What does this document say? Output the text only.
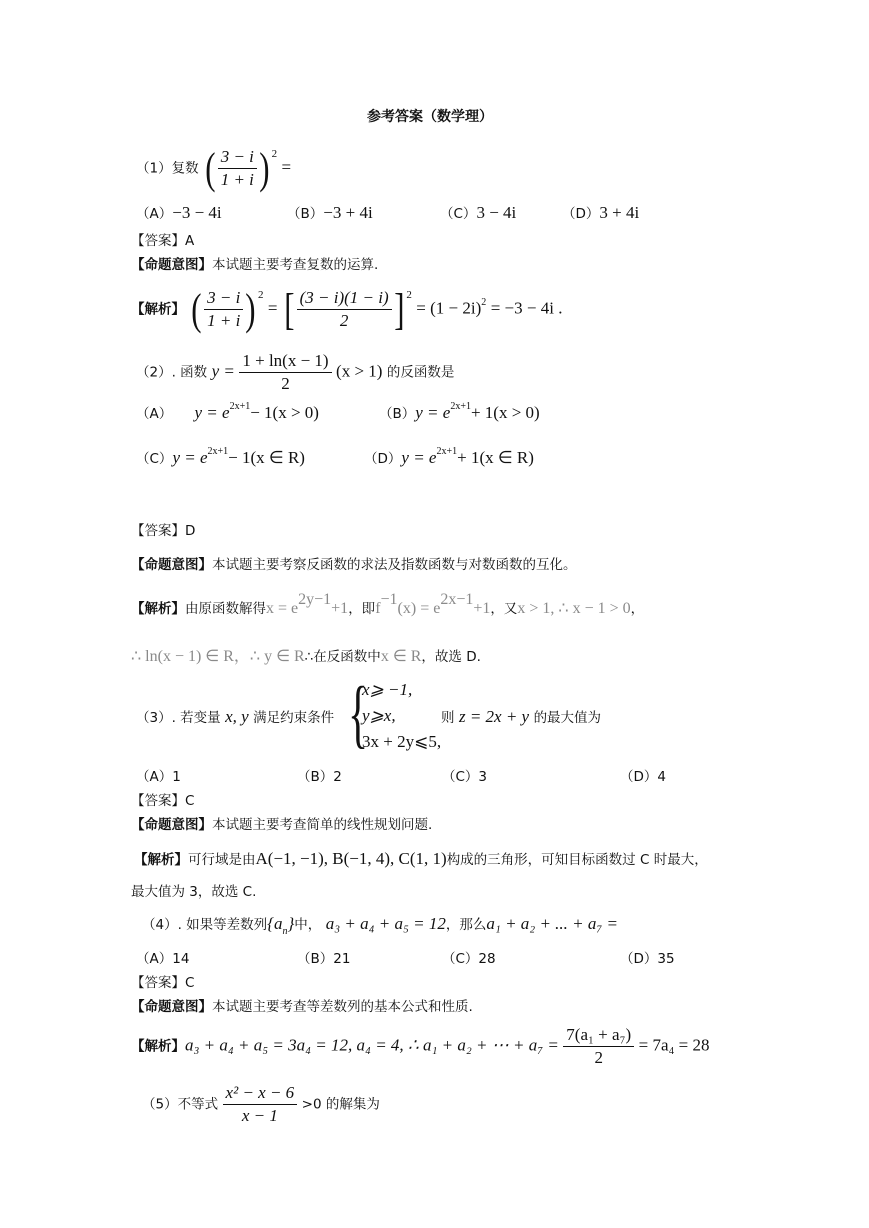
参考答案（数学理）
（1）复数 ( $\frac{3 - i}{1 + i}$ ) $^2$ =
（A）−3 − 4i	（B）−3 + 4i	（C）3 − 4i	（D）3 + 4i
【答案】A
【命题意图】本试题主要考查复数的运算.
【解析】 ( $\frac{3 - i}{1 + i}$ ) $^2$ = [ $\frac{(3 - i)(1 - i)}{2}$ ] $^2 = (1 - 2i)^2 = -3 - 4i$ .
（2）. 函数 $y = \frac{1 + \ln(x - 1)}{2} (x > 1)$ 的反函数是
（A） $y = e^{2x+1}- 1(x > 0)$	$(B)y = e^{2x+1}+ 1(x > 0)$
$(C)y = e^{2x+1}- 1(x$ ∈ R)	$(D)y = e^{2x+1}+ 1(x$ ∈ R)
【答案】D
【命题意图】本试题主要考察反函数的求法及指数函数与对数函数的互化。
【解析】由原函数解得x = e2y−1+1，即f−1(x) = e2x−1+1，又x > 1, ∴ x − 1 > 0，
∴ ln(x − 1) ∈ R，∴ y ∈ R∴在反函数中x ∈ R，故选 D.
（3）. 若变量 x, y 满足约束条件 {
x⩾ −1,
y⩾x,
3x + 2y⩽5,
则 z = 2x + y 的最大值为
（A）1	（B）2	（C）3	（D）4
【答案】C
【命题意图】本试题主要考查简单的线性规划问题.
【解析】可行域是由A(−1, −1), B(−1, 4), C(1, 1)构成的三角形，可知目标函数过 C 时最大，
最大值为 3，故选 C.
（4）. 如果等差数列$\{a_n\}$中， a₃ + a₄ + a₅ = 12，那么a₁ + a₂ + ... + a₇ =
（A）14	（B）21	（C）28	（D）35
【答案】C
【命题意图】本试题主要考查等差数列的基本公式和性质.
【解析】a₃ + a₄ + a₅ = 3a₄ = 12, a₄ = 4, ∴ a₁ + a₂ + ⋯ + $a_7 = \frac{\text{7(a₁ + a₇)}}{2} = 7a_4 = 28$
（5）不等式 $\frac{\text{x² − x − 6}}{x - 1} >0$ 的解集为
